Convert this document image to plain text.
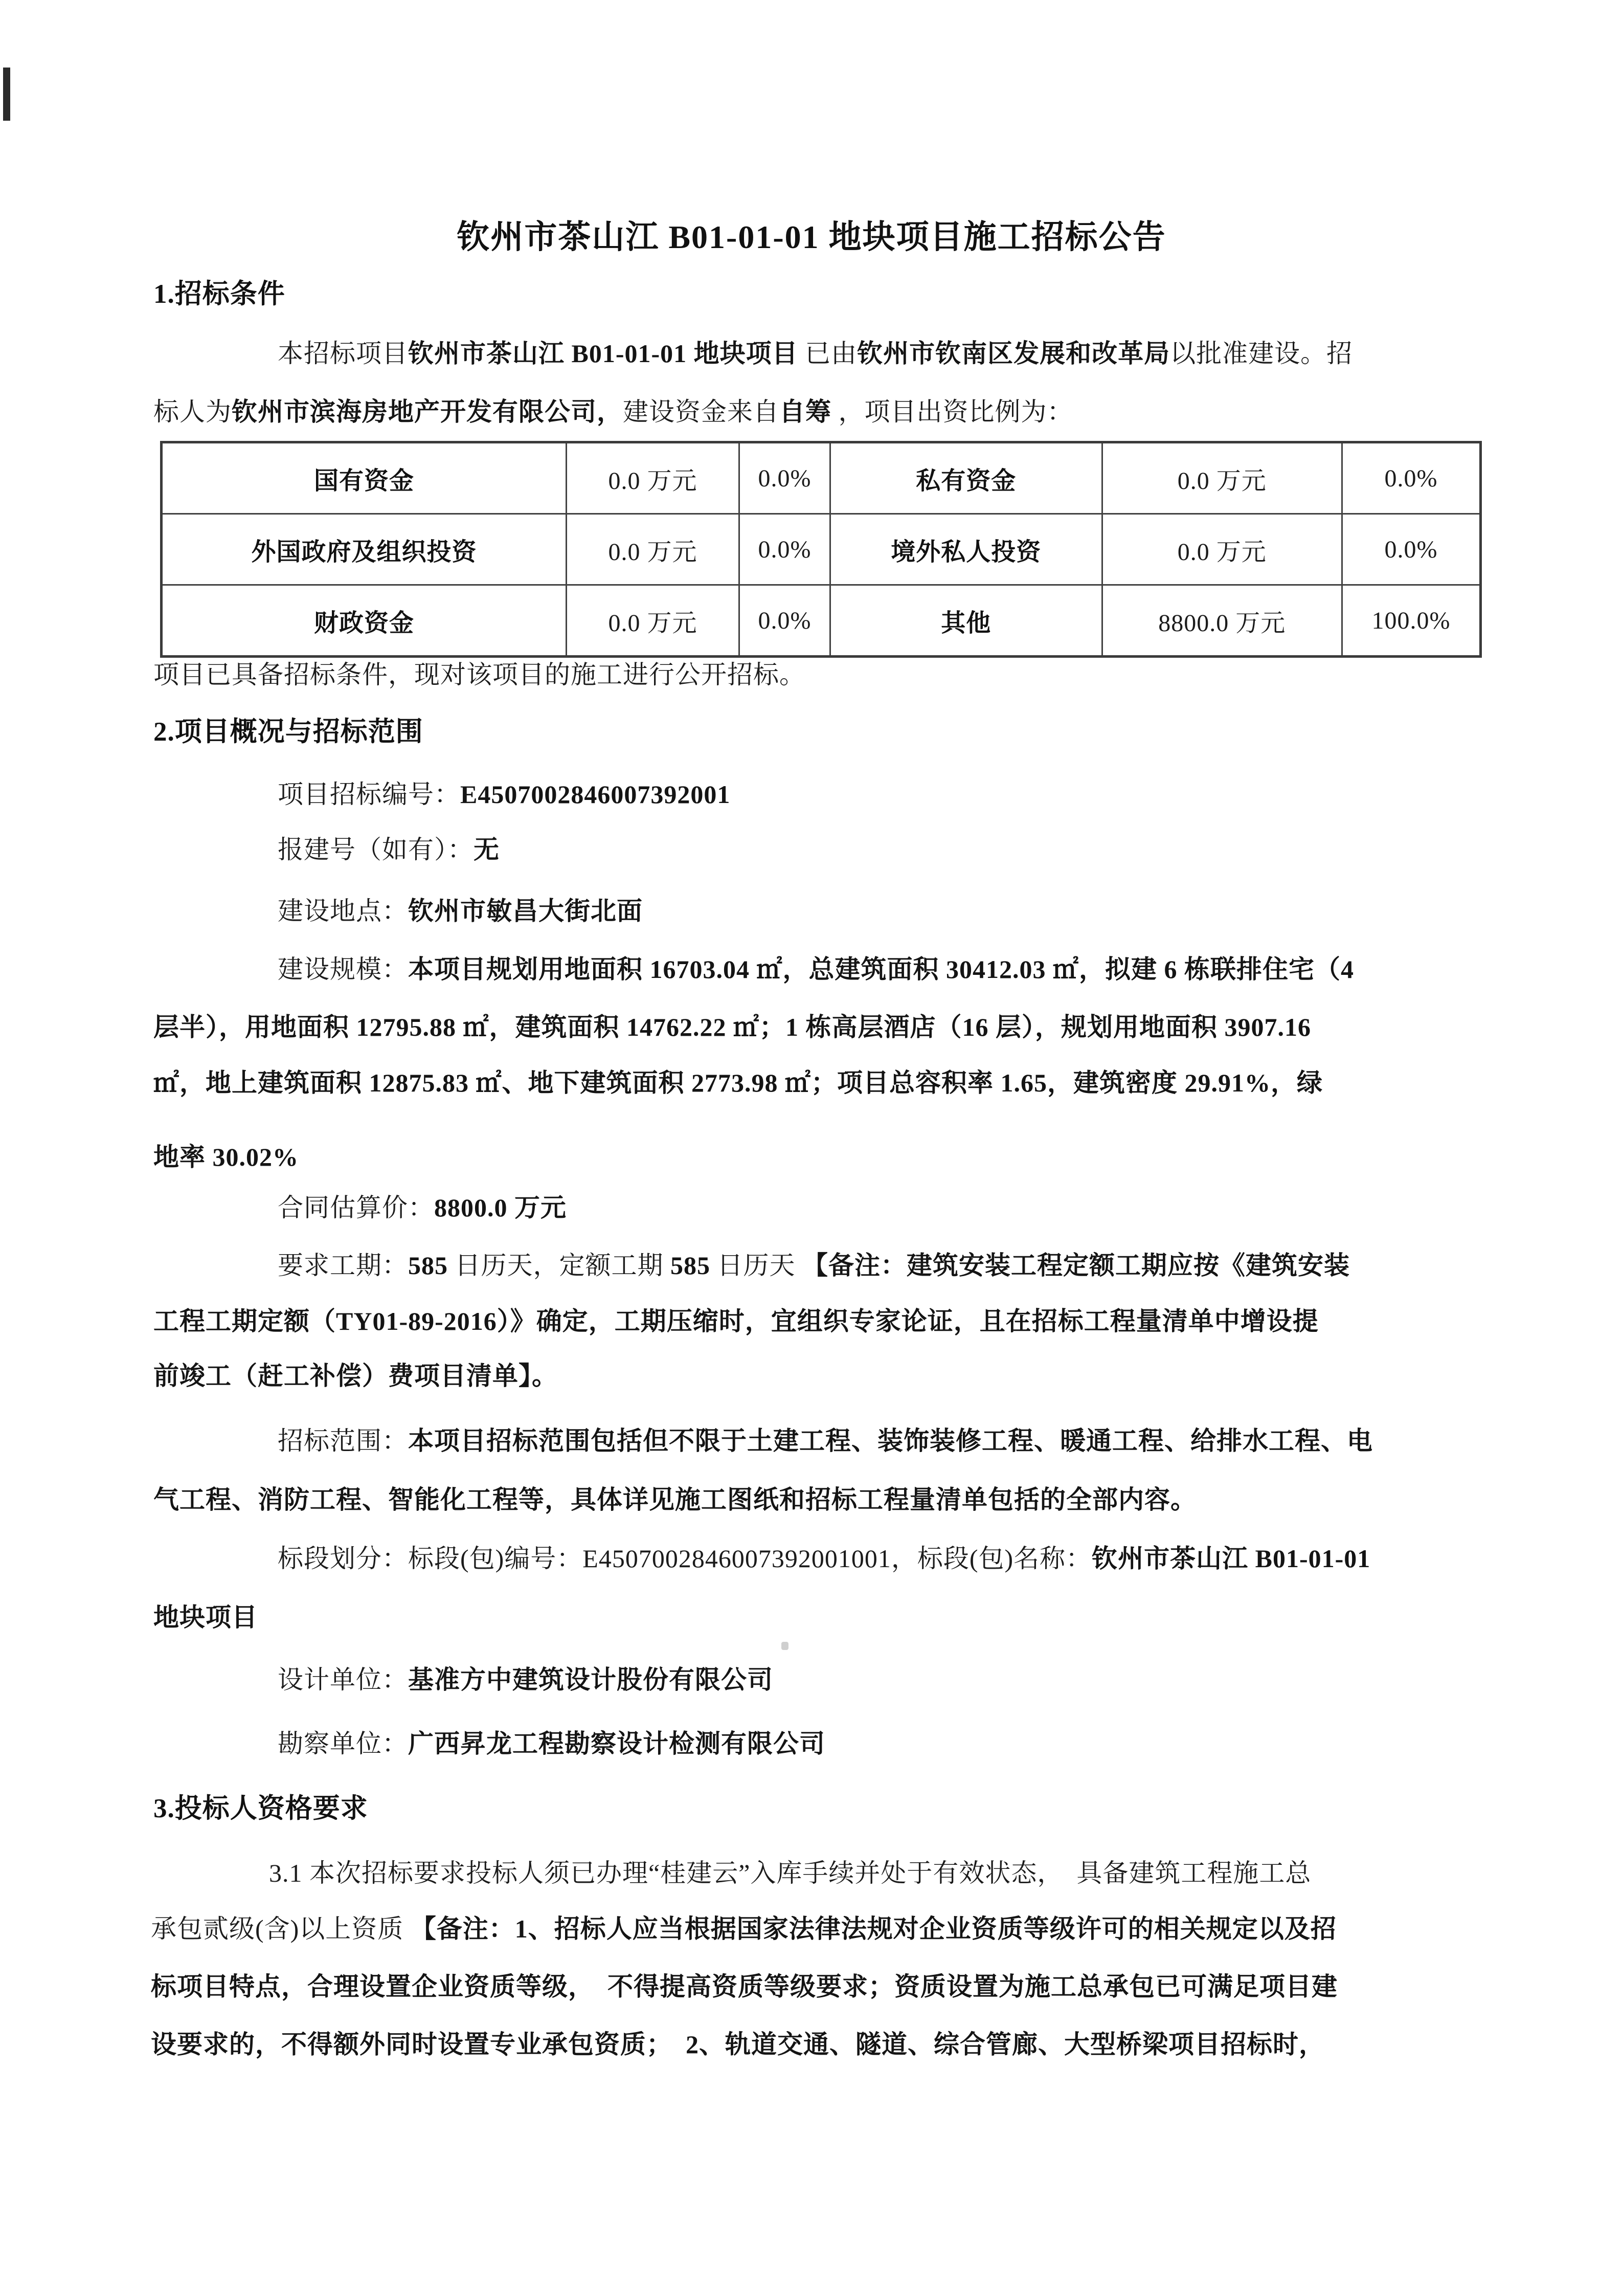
钦州市茶山江 B01-01-01 地块项目施工招标公告
1.招标条件
本招标项目钦州市茶山江 B01-01-01 地块项目 已由钦州市钦南区发展和改革局以批准建设。招
标人为钦州市滨海房地产开发有限公司，建设资金来自自筹 ，项目出资比例为：
国有资金	0.0 万元	0.0%	私有资金	0.0 万元	0.0%
外国政府及组织投资	0.0 万元	0.0%	境外私人投资	0.0 万元	0.0%
财政资金	0.0 万元	0.0%	其他	8800.0 万元	100.0%
项目已具备招标条件，现对该项目的施工进行公开招标。
2.项目概况与招标范围
项目招标编号：E4507002846007392001
报建号（如有）：无
建设地点：钦州市敏昌大街北面
建设规模：本项目规划用地面积 16703.04 ㎡，总建筑面积 30412.03 ㎡，拟建 6 栋联排住宅（4
层半），用地面积 12795.88 ㎡，建筑面积 14762.22 ㎡；1 栋高层酒店（16 层），规划用地面积 3907.16
㎡，地上建筑面积 12875.83 ㎡、地下建筑面积 2773.98 ㎡；项目总容积率 1.65，建筑密度 29.91%，绿
地率 30.02%
合同估算价：8800.0 万元
要求工期：585 日历天，定额工期 585 日历天 【备注：建筑安装工程定额工期应按《建筑安装
工程工期定额（TY01-89-2016）》确定，工期压缩时，宜组织专家论证，且在招标工程量清单中增设提
前竣工（赶工补偿）费项目清单】。
招标范围：本项目招标范围包括但不限于土建工程、装饰装修工程、暖通工程、给排水工程、电
气工程、消防工程、智能化工程等，具体详见施工图纸和招标工程量清单包括的全部内容。
标段划分：标段(包)编号：E4507002846007392001001，标段(包)名称：钦州市茶山江 B01-01-01
地块项目
设计单位：基准方中建筑设计股份有限公司
勘察单位：广西昇龙工程勘察设计检测有限公司
3.投标人资格要求
3.1 本次招标要求投标人须已办理“桂建云”入库手续并处于有效状态，　具备建筑工程施工总
承包贰级(含)以上资质 【备注：1、招标人应当根据国家法律法规对企业资质等级许可的相关规定以及招
标项目特点，合理设置企业资质等级，　不得提高资质等级要求；资质设置为施工总承包已可满足项目建
设要求的，不得额外同时设置专业承包资质；　2、轨道交通、隧道、综合管廊、大型桥梁项目招标时，
